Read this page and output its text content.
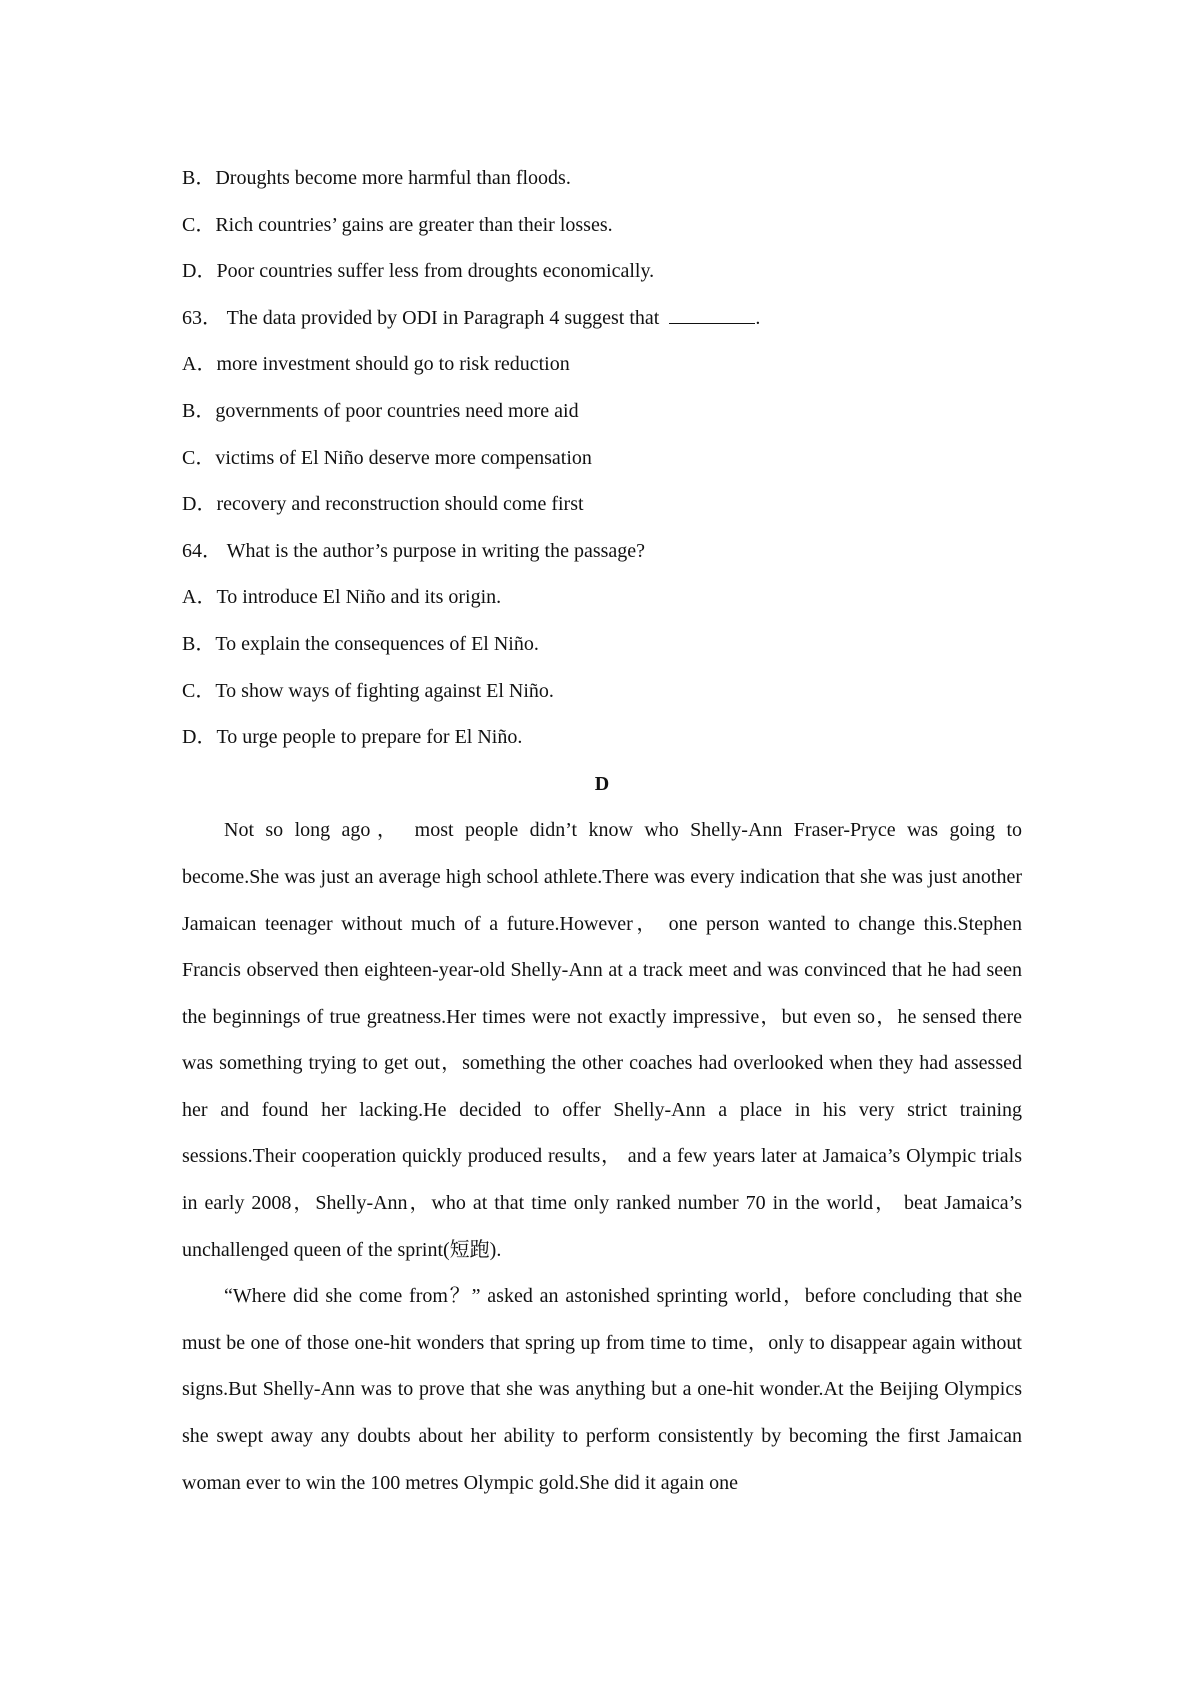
B．Droughts become more harmful than floods.
C．Rich countries’ gains are greater than their losses.
D．Poor countries suffer less from droughts economically.
63． The data provided by ODI in Paragraph 4 suggest that	.
A．more investment should go to risk reduction
B．governments of poor countries need more aid
C．victims of El Niño deserve more compensation
D．recovery and reconstruction should come first
64． What is the author’s purpose in writing the passage?
A．To introduce El Niño and its origin.
B．To explain the consequences of El Niño.
C．To show ways of fighting against El Niño.
D．To urge people to prepare for El Niño.
D

Not so long ago， most people didn’t know who Shelly-Ann Fraser-Pryce was going to become.She was just an average high school athlete.There was every indication that she was just another Jamaican teenager without much of a future.However， one person wanted to change this.Stephen Francis observed then eighteen-year-old Shelly-Ann at a track meet and was convinced that he had seen the beginnings of true greatness.Her times were not exactly impressive，but even so，he sensed there was something trying to get out，something the other coaches had overlooked when they had assessed her and found her lacking.He decided to offer Shelly-Ann a place in his very strict training sessions.Their cooperation quickly produced results， and a few years later at Jamaica’s Olympic trials in early 2008，Shelly-Ann，who at that time only ranked number 70 in the world， beat Jamaica’s unchallenged queen of the sprint(短跑).

“Where did she come from？” asked an astonished sprinting world，before concluding that she must be one of those one-hit wonders that spring up from time to time，only to disappear again without signs.But Shelly-Ann was to prove that she was anything but a one-hit wonder.At the Beijing Olympics she swept away any doubts about her ability to perform consistently by becoming the first Jamaican woman ever to win the 100 metres Olympic gold.She did it again one
